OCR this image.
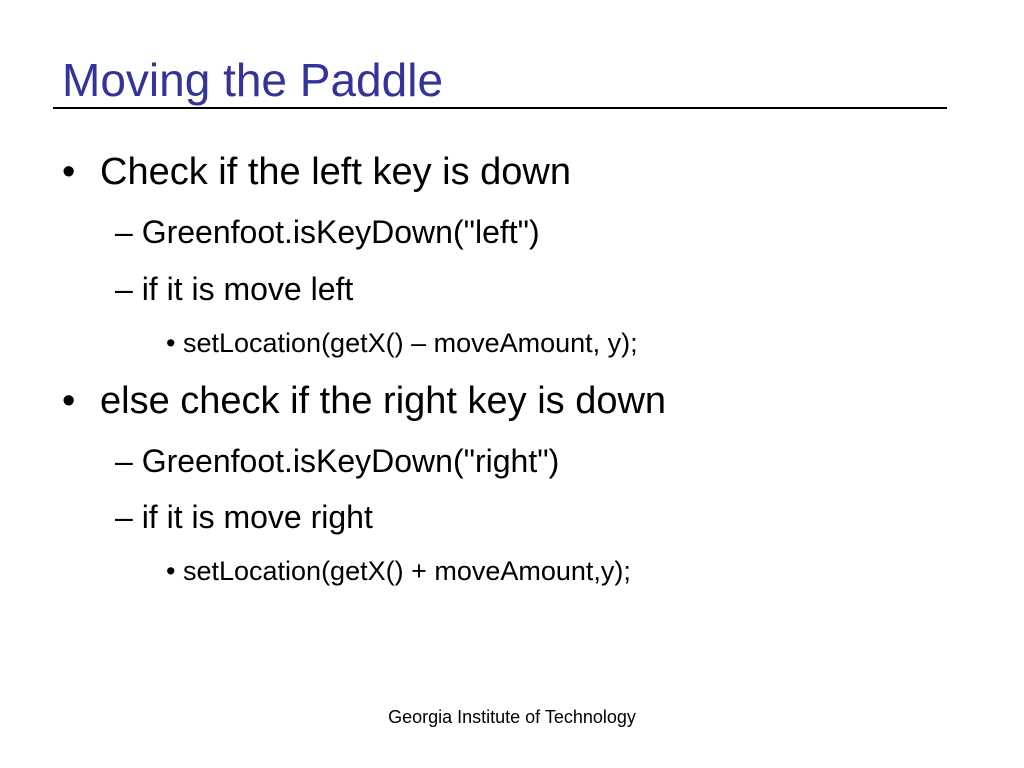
Moving the Paddle
• Check if the left key is down
– Greenfoot.isKeyDown("left")
– if it is move left
• setLocation(getX() – moveAmount, y);
• else check if the right key is down
– Greenfoot.isKeyDown("right")
– if it is move right
• setLocation(getX() + moveAmount,y);
Georgia Institute of Technology
